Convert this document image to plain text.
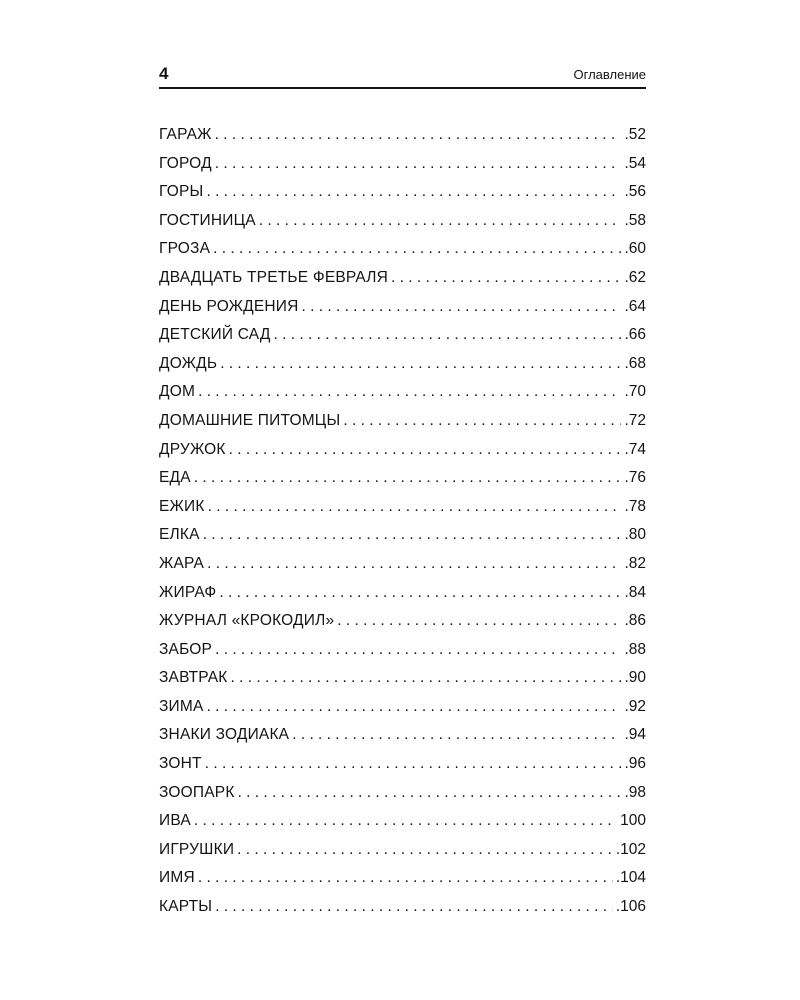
4	Оглавление
ГАРАЖ . . .	.52
ГОРОД . . .	.54
ГОРЫ . . .	.56
ГОСТИНИЦА . . .	.58
ГРОЗА . . .	.60
ДВАДЦАТЬ ТРЕТЬЕ ФЕВРАЛЯ . . .	.62
ДЕНЬ РОЖДЕНИЯ . . .	.64
ДЕТСКИЙ САД . . .	.66
ДОЖДЬ . . .	.68
ДОМ . . .	.70
ДОМАШНИЕ ПИТОМЦЫ . . .	.72
ДРУЖОК . . .	.74
ЕДА . . .	.76
ЕЖИК . . .	.78
ЕЛКА . . .	.80
ЖАРА . . .	.82
ЖИРАФ . . .	.84
ЖУРНАЛ «КРОКОДИЛ» . . .	.86
ЗАБОР . . .	.88
ЗАВТРАК . . .	.90
ЗИМА . . .	.92
ЗНАКИ ЗОДИАКА . . .	.94
ЗОНТ . . .	.96
ЗООПАРК . . .	.98
ИВА . . .	100
ИГРУШКИ . . .	.102
ИМЯ . . .	.104
КАРТЫ . . .	.106
